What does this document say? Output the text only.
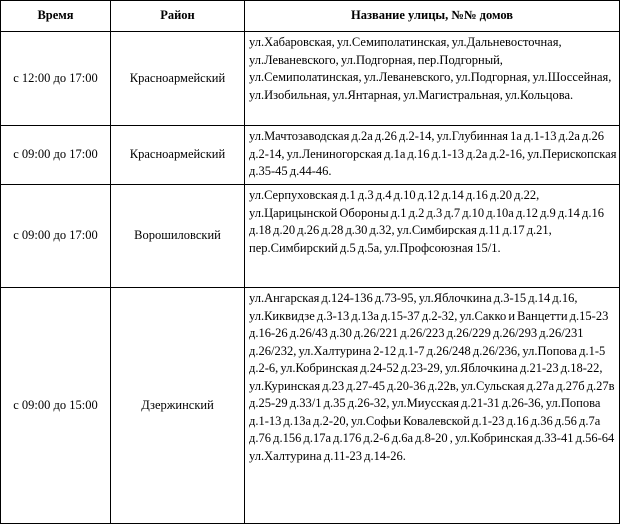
Время	Район	Название улицы, №№ домов
с 12:00 до 17:00	Красноармейский	ул.Хабаровская, ул.Семиполатинская, ул.Дальневосточная, ул.Леваневского, ул.Подгорная, пер.Подгорный, ул.Семиполатинская, ул.Леваневского, ул.Подгорная, ул.Шоссейная, ул.Изобильная, ул.Янтарная, ул.Магистральная, ул.Кольцова.
с 09:00 до 17:00	Красноармейский	ул.Мачтозаводская д.2а д.26 д.2-14, ул.Глубинная 1а д.1-13 д.2а д.26 д.2-14, ул.Лениногорская д.1а д.16 д.1-13 д.2а д.2-16, ул.Перископская д.35-45 д.44-46.
с 09:00 до 17:00	Ворошиловский	ул.Серпуховская д.1 д.3 д.4 д.10 д.12 д.14 д.16 д.20 д.22, ул.Царицынской Обороны д.1 д.2 д.3 д.7 д.10 д.10а д.12 д.9 д.14 д.16 д.18 д.20 д.26 д.28 д.30 д.32, ул.Симбирская д.11 д.17 д.21, пер.Симбирский д.5 д.5а, ул.Профсоюзная 15/1.
с 09:00 до 15:00	Дзержинский	ул.Ангарская д.124-136 д.73-95, ул.Яблочкина д.3-15 д.14 д.16, ул.Киквидзе д.3-13 д.13а д.15-37 д.2-32, ул.Сакко и Ванцетти д.15-23 д.16-26 д.26/43 д.30 д.26/221 д.26/223 д.26/229 д.26/293 д.26/231 д.26/232, ул.Халтурина 2-12 д.1-7 д.26/248 д.26/236, ул.Попова д.1-5 д.2-6, ул.Кобринская д.24-52 д.23-29, ул.Яблочкина д.21-23 д.18-22, ул.Куринская д.23 д.27-45 д.20-36 д.22в, ул.Сульская д.27а д.27б д.27в д.25-29 д.33/1 д.35 д.26-32, ул.Миусская д.21-31 д.26-36, ул.Попова д.1-13 д.13а д.2-20, ул.Софьи Ковалевской д.1-23 д.16 д.36 д.56 д.7а д.76 д.156 д.17а д.176 д.2-6 д.6а д.8-20 , ул.Кобринская д.33-41 д.56-64 ул.Халтурина д.11-23 д.14-26.
